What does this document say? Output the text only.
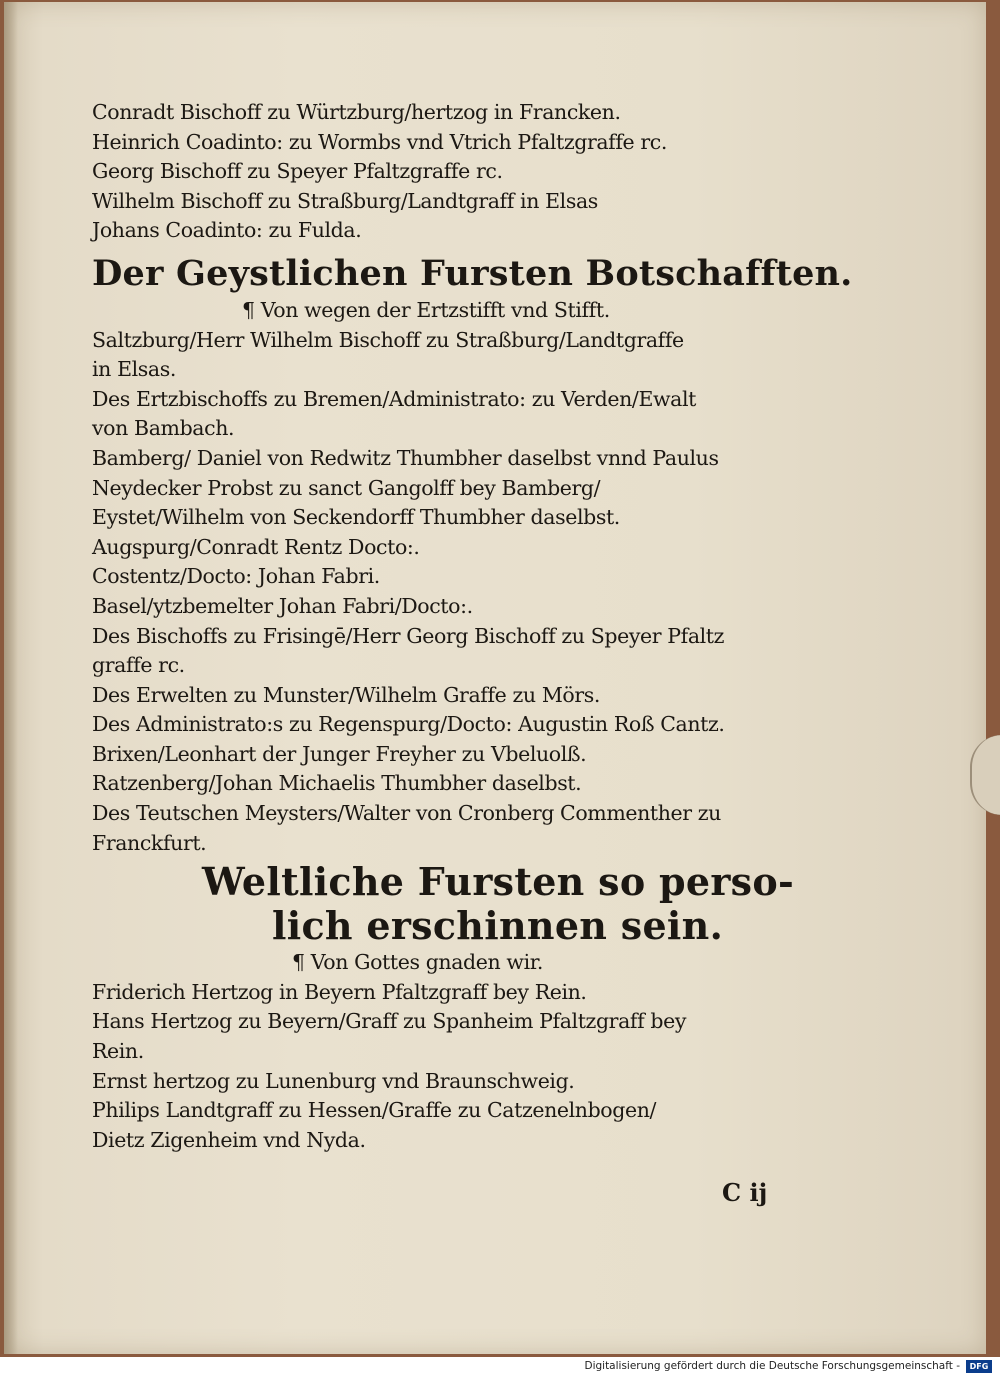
Conradt Bischoff zu Würtzburg/hertzog in Francken.
Heinrich Coadinto: zu Wormbs vnd Vtrich Pfaltzgraffe rc.
Georg Bischoff zu Speyer Pfaltzgraffe rc.
Wilhelm Bischoff zu Straßburg/Landtgraff in Elsas
Johans Coadinto: zu Fulda.
Der Geystlichen Fursten Botschafften.
¶ Von wegen der Ertzstifft vnd Stifft.
Saltzburg/Herr Wilhelm Bischoff zu Straßburg/Landtgraffe
in Elsas.
Des Ertzbischoffs zu Bremen/Administrato: zu Verden/Ewalt
von Bambach.
Bamberg/ Daniel von Redwitz Thumbher daselbst vnnd Paulus
Neydecker Probst zu sanct Gangolff bey Bamberg/
Eystet/Wilhelm von Seckendorff Thumbher daselbst.
Augspurg/Conradt Rentz Docto:.
Costentz/Docto: Johan Fabri.
Basel/ytzbemelter Johan Fabri/Docto:.
Des Bischoffs zu Frisingē/Herr Georg Bischoff zu Speyer Pfaltz
graffe rc.
Des Erwelten zu Munster/Wilhelm Graffe zu Mörs.
Des Administrato:s zu Regenspurg/Docto: Augustin Roß Cantz.
Brixen/Leonhart der Junger Freyher zu Vbeluolß.
Ratzenberg/Johan Michaelis Thumbher daselbst.
Des Teutschen Meysters/Walter von Cronberg Commenther zu
Franckfurt.
Weltliche Fursten so perso-
lich erschinnen sein.
¶ Von Gottes gnaden wir.
Friderich Hertzog in Beyern Pfaltzgraff bey Rein.
Hans Hertzog zu Beyern/Graff zu Spanheim Pfaltzgraff bey
Rein.
Ernst hertzog zu Lunenburg vnd Braunschweig.
Philips Landtgraff zu Hessen/Graffe zu Catzenelnbogen/
Dietz Zigenheim vnd Nyda.
C ij
Digitalisierung gefördert durch die Deutsche Forschungsgemeinschaft -	DFG
